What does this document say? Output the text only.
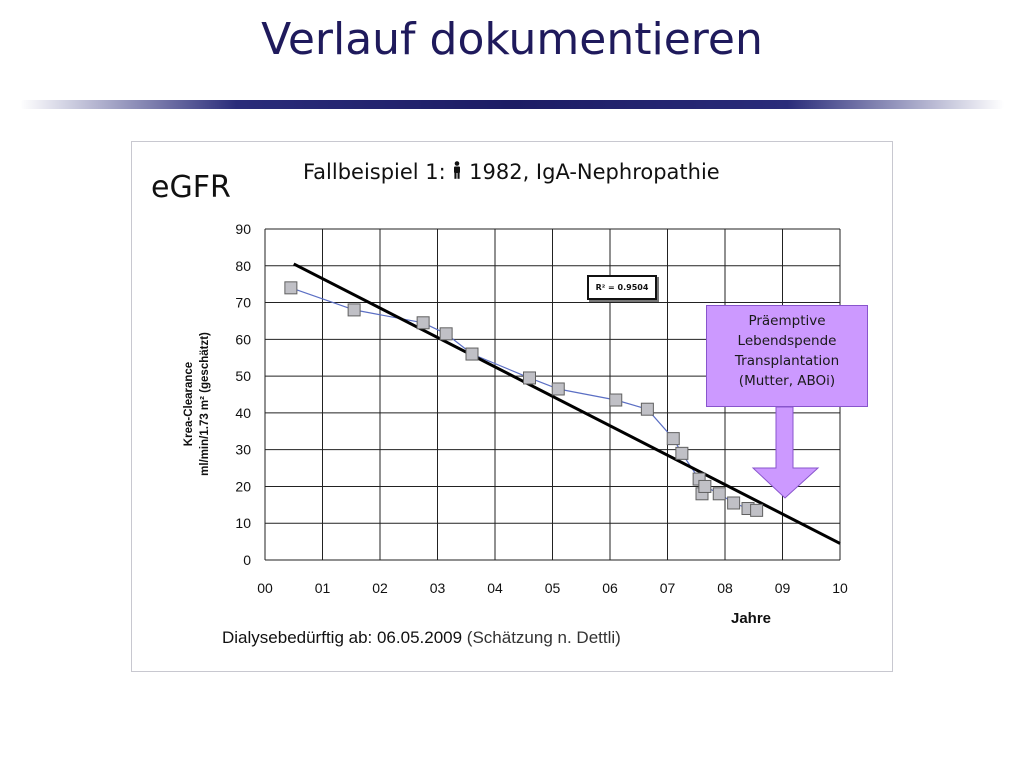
Verlauf dokumentieren
eGFR	Fallbeispiel 1: 1982, IgA-Nephropathie
0
10
20
30
40
50
60
70
80
90
00	01	02	03	04	05	06	07	08	09	10
Krea-Clearance ml/min/1.73 m² (geschätzt)
Jahre
R² = 0.9504
Präemptive
Lebendspende
Transplantation
(Mutter, ABOi)
Dialysebedürftig ab: 06.05.2009 (Schätzung n. Dettli)
